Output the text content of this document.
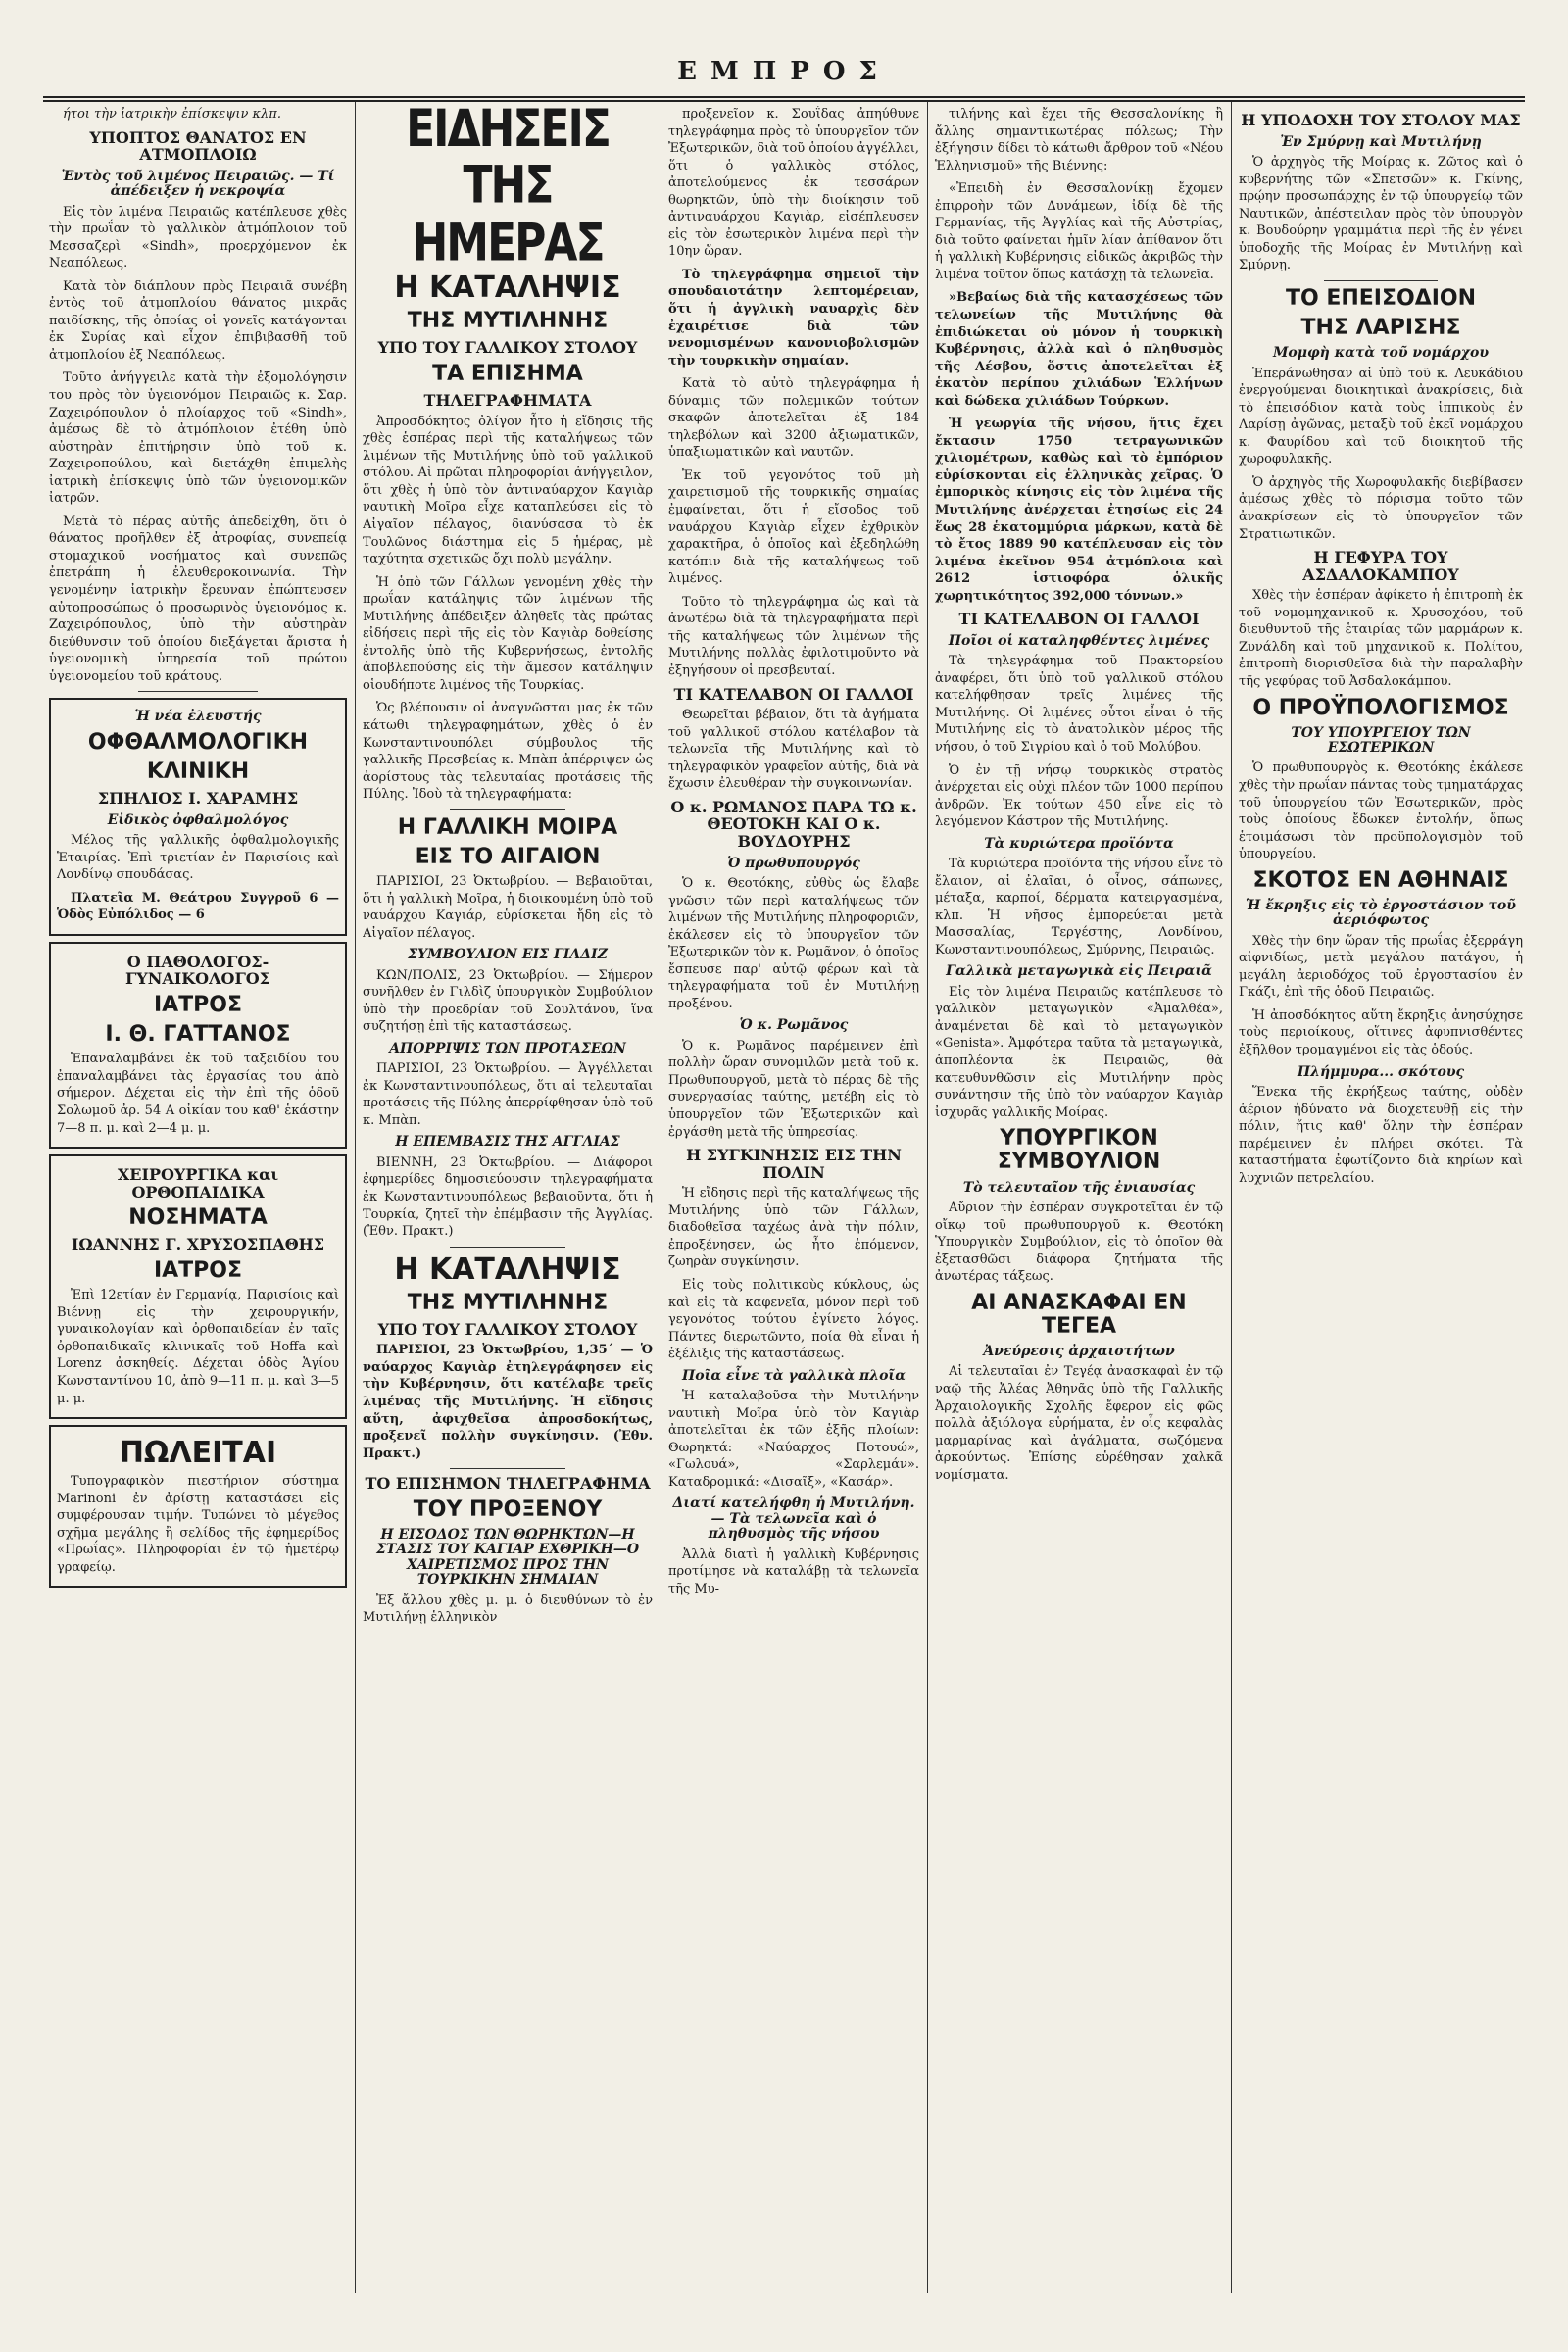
ΕΜΠΡΟΣ

ήτοι τὴν ἰατρικὴν ἐπίσκεψιν κλπ.

ΥΠΟΠΤΟΣ ΘΑΝΑΤΟΣ ΕΝ ΑΤΜΟΠΛΟΙΩ
Ἐντὸς τοῦ λιμένος Πειραιῶς. — Τί ἀπέδειξεν ἡ νεκροψία

Εἰς τὸν λιμένα Πειραιῶς κατέπλευσε χθὲς τὴν πρωΐαν τὸ γαλλικὸν ἀτμόπλοιον τοῦ Μεσσαζερὶ «Sindh», προερχόμενον ἐκ Νεαπόλεως.

Κατὰ τὸν διάπλουν πρὸς Πειραιᾶ συνέβη ἐντὸς τοῦ ἀτμοπλοίου θάνατος μικρᾶς παιδίσκης, τῆς ὁποίας οἱ γονεῖς κατάγονται ἐκ Συρίας καὶ εἶχον ἐπιβιβασθῆ τοῦ ἀτμοπλοίου ἐξ Νεαπόλεως.

Τοῦτο ἀνήγγειλε κατὰ τὴν ἐξομολόγησιν του πρὸς τὸν ὑγειονόμον Πειραιῶς κ. Σαρ. Ζαχειρόπουλον ὁ πλοίαρχος τοῦ «Sindh», ἀμέσως δὲ τὸ ἀτμόπλοιον ἐτέθη ὑπὸ αὐστηρὰν ἐπιτήρησιν ὑπὸ τοῦ κ. Ζαχειροπούλου, καὶ διετάχθη ἐπιμελὴς ἰατρικὴ ἐπίσκεψις ὑπὸ τῶν ὑγειονομικῶν ἰατρῶν.

Μετὰ τὸ πέρας αὐτῆς ἀπεδείχθη, ὅτι ὁ θάνατος προῆλθεν ἐξ ἀτροφίας, συνεπείᾳ στομαχικοῦ νοσήματος καὶ συνεπῶς ἐπετράπη ἡ ἐλευθεροκοινωνία. Τὴν γενομένην ἰατρικὴν ἔρευναν ἐπώπτευσεν αὐτοπροσώπως ὁ προσωρινὸς ὑγειονόμος κ. Ζαχειρόπουλος, ὑπὸ τὴν αὐστηρὰν διεύθυνσιν τοῦ ὁποίου διεξάγεται ἄριστα ἡ ὑγειονομικὴ ὑπηρεσία τοῦ πρώτου ὑγειονομείου τοῦ κράτους.

Ἡ νέα ἐλευστής
ΟΦΘΑΛΜΟΛΟΓΙΚΗ
ΚΛΙΝΙΚΗ
ΣΠΗΛΙΟΣ Ι. ΧΑΡΑΜΗΣ
Εἰδικὸς ὀφθαλμολόγος

Μέλος τῆς γαλλικῆς ὀφθαλμολογικῆς Ἑταιρίας. Ἐπὶ τριετίαν ἐν Παρισίοις καὶ Λονδίνῳ σπουδάσας.

Πλατεῖα Μ. Θεάτρου Συγγροῦ 6 — Ὁδὸς Εὐπόλιδος — 6

Ο ΠΑΘΟΛΟΓΟΣ-ΓΥΝΑΙΚΟΛΟΓΟΣ
ΙΑΤΡΟΣ
Ι. Θ. ΓΑΤΤΑΝΟΣ

Ἐπαναλαμβάνει ἐκ τοῦ ταξειδίου του ἐπαναλαμβάνει τὰς ἐργασίας του ἀπὸ σήμερον. Δέχεται εἰς τὴν ἐπὶ τῆς ὁδοῦ Σολωμοῦ ἀρ. 54 Α οἰκίαν του καθ' ἑκάστην 7—8 π. μ. καὶ 2—4 μ. μ.

ΧΕΙΡΟΥΡΓΙΚΑ και ΟΡΘΟΠΑΙΔΙΚΑ
ΝΟΣΗΜΑΤΑ
ΙΩΑΝΝΗΣ Γ. ΧΡΥΣΟΣΠΑΘΗΣ
ΙΑΤΡΟΣ

Ἐπὶ 12ετίαν ἐν Γερμανίᾳ, Παρισίοις καὶ Βιέννῃ εἰς τὴν χειρουργικήν, γυναικολογίαν καὶ ὀρθοπαιδείαν ἐν ταῖς ὀρθοπαιδικαῖς κλινικαῖς τοῦ Hoffa καὶ Lorenz ἀσκηθείς. Δέχεται ὁδὸς Ἁγίου Κωνσταντίνου 10, ἀπὸ 9—11 π. μ. καὶ 3—5 μ. μ.

ΠΩΛΕΙΤΑΙ

Τυπογραφικὸν πιεστήριον σύστημα Marinoni ἐν ἀρίστῃ καταστάσει εἰς συμφέρουσαν τιμήν. Τυπώνει τὸ μέγεθος σχῆμα μεγάλης ἢ σελίδος τῆς ἐφημερίδος «Πρωΐας». Πληροφορίαι ἐν τῷ ἡμετέρῳ γραφείῳ.

ΕΙΔΗΣΕΙΣ ΤΗΣ ΗΜΕΡΑΣ
Η ΚΑΤΑΛΗΨΙΣ
ΤΗΣ ΜΥΤΙΛΗΝΗΣ
ΥΠΟ ΤΟΥ ΓΑΛΛΙΚΟΥ ΣΤΟΛΟΥ
ΤΑ ΕΠΙΣΗΜΑ
ΤΗΛΕΓΡΑΦΗΜΑΤΑ

Ἀπροσδόκητος ὀλίγον ἦτο ἡ εἴδησις τῆς χθὲς ἑσπέρας περὶ τῆς καταλήψεως τῶν λιμένων τῆς Μυτιλήνης ὑπὸ τοῦ γαλλικοῦ στόλου. Αἱ πρῶται πληροφορίαι ἀνήγγειλον, ὅτι χθὲς ἡ ὑπὸ τὸν ἀντιναύαρχον Καγιὰρ ναυτικὴ Μοῖρα εἶχε καταπλεύσει εἰς τὸ Αἰγαῖον πέλαγος, διανύσασα τὸ ἐκ Τουλῶνος διάστημα εἰς 5 ἡμέρας, μὲ ταχύτητα σχετικῶς ὄχι πολὺ μεγάλην.

Ἡ ὁπὸ τῶν Γάλλων γενομένη χθὲς τὴν πρωΐαν κατάληψις τῶν λιμένων τῆς Μυτιλήνης ἀπέδειξεν ἀληθεῖς τὰς πρώτας εἰδήσεις περὶ τῆς εἰς τὸν Καγιὰρ δοθείσης ἐντολῆς ὑπὸ τῆς Κυβερνήσεως, ἐντολῆς ἀποβλεπούσης εἰς τὴν ἄμεσον κατάληψιν οἱουδήποτε λιμένος τῆς Τουρκίας.

Ὡς βλέπουσιν οἱ ἀναγνῶσται μας ἐκ τῶν κάτωθι τηλεγραφημάτων, χθὲς ὁ ἐν Κωνσταντινουπόλει σύμβουλος τῆς γαλλικῆς Πρεσβείας κ. Μπὰπ ἀπέρριψεν ὡς ἀορίστους τὰς τελευταίας προτάσεις τῆς Πύλης. Ἰδοὺ τὰ τηλεγραφήματα:

Η ΓΑΛΛΙΚΗ ΜΟΙΡΑ
ΕΙΣ ΤΟ ΑΙΓΑΙΟΝ

ΠΑΡΙΣΙΟΙ, 23 Ὀκτωβρίου. — Βεβαιοῦται, ὅτι ἡ γαλλικὴ Μοῖρα, ἡ διοικουμένη ὑπὸ τοῦ ναυάρχου Καγιάρ, εὑρίσκεται ἤδη εἰς τὸ Αἰγαῖον πέλαγος.

ΣΥΜΒΟΥΛΙΟΝ ΕΙΣ ΓΙΛΔΙΖ

ΚΩΝ/ΠΟΛΙΣ, 23 Ὀκτωβρίου. — Σήμερον συνῆλθεν ἐν Γιλδὶζ ὑπουργικὸν Συμβούλιον ὑπὸ τὴν προεδρίαν τοῦ Σουλτάνου, ἵνα συζητήσῃ ἐπὶ τῆς καταστάσεως.

ΑΠΟΡΡΙΨΙΣ ΤΩΝ ΠΡΟΤΑΣΕΩΝ

ΠΑΡΙΣΙΟΙ, 23 Ὀκτωβρίου. — Ἀγγέλλεται ἐκ Κωνσταντινουπόλεως, ὅτι αἱ τελευταῖαι προτάσεις τῆς Πύλης ἀπερρίφθησαν ὑπὸ τοῦ κ. Μπὰπ.

Η ΕΠΕΜΒΑΣΙΣ ΤΗΣ ΑΓΓΛΙΑΣ

ΒΙΕΝΝΗ, 23 Ὀκτωβρίου. — Διάφοροι ἐφημερίδες δημοσιεύουσιν τηλεγραφήματα ἐκ Κωνσταντινουπόλεως βεβαιοῦντα, ὅτι ἡ Τουρκία, ζητεῖ τὴν ἐπέμβασιν τῆς Ἀγγλίας. (Ἐθν. Πρακτ.)

Η ΚΑΤΑΛΗΨΙΣ
ΤΗΣ ΜΥΤΙΛΗΝΗΣ
ΥΠΟ ΤΟΥ ΓΑΛΛΙΚΟΥ ΣΤΟΛΟΥ

ΠΑΡΙΣΙΟΙ, 23 Ὀκτωβρίου, 1,35΄ — Ὁ ναύαρχος Καγιὰρ ἐτηλεγράφησεν εἰς τὴν Κυβέρνησιν, ὅτι κατέλαβε τρεῖς λιμένας τῆς Μυτιλήνης. Ἡ εἴδησις αὕτη, ἀφιχθεῖσα ἀπροσδοκήτως, προξενεῖ πολλὴν συγκίνησιν. (Ἐθν. Πρακτ.)

ΤΟ ΕΠΙΣΗΜΟΝ ΤΗΛΕΓΡΑΦΗΜΑ
ΤΟΥ ΠΡΟΞΕΝΟΥ
Η ΕΙΣΟΔΟΣ ΤΩΝ ΘΩΡΗΚΤΩΝ—Η ΣΤΑΣΙΣ ΤΟΥ ΚΑΓΙΑΡ ΕΧΘΡΙΚΗ—Ο ΧΑΙΡΕΤΙΣΜΟΣ ΠΡΟΣ ΤΗΝ ΤΟΥΡΚΙΚΗΝ ΣΗΜΑΙΑΝ

Ἐξ ἄλλου χθὲς μ. μ. ὁ διευθύνων τὸ ἐν Μυτιλήνῃ ἑλληνικὸν

προξενεῖον κ. Σουΐδας ἀπηύθυνε τηλεγράφημα πρὸς τὸ ὑπουργεῖον τῶν Ἐξωτερικῶν, διὰ τοῦ ὁποίου ἀγγέλλει, ὅτι ὁ γαλλικὸς στόλος, ἀποτελούμενος ἐκ τεσσάρων θωρηκτῶν, ὑπὸ τὴν διοίκησιν τοῦ ἀντιναυάρχου Καγιὰρ, εἰσέπλευσεν εἰς τὸν ἐσωτερικὸν λιμένα περὶ τὴν 10ην ὥραν.

Τὸ τηλεγράφημα σημειοῖ τὴν σπουδαιοτάτην λεπτομέρειαν, ὅτι ἡ ἀγγλικὴ ναυαρχὶς δὲν ἐχαιρέτισε διὰ τῶν νενομισμένων κανονιοβολισμῶν τὴν τουρκικὴν σημαίαν.

Κατὰ τὸ αὐτὸ τηλεγράφημα ἡ δύναμις τῶν πολεμικῶν τούτων σκαφῶν ἀποτελεῖται ἐξ 184 τηλεβόλων καὶ 3200 ἀξιωματικῶν, ὑπαξιωματικῶν καὶ ναυτῶν.

Ἐκ τοῦ γεγονότος τοῦ μὴ χαιρετισμοῦ τῆς τουρκικῆς σημαίας ἐμφαίνεται, ὅτι ἡ εἴσοδος τοῦ ναυάρχου Καγιὰρ εἶχεν ἐχθρικὸν χαρακτῆρα, ὁ ὁποῖος καὶ ἐξεδηλώθη κατόπιν διὰ τῆς καταλήψεως τοῦ λιμένος.

Τοῦτο τὸ τηλεγράφημα ὡς καὶ τὰ ἀνωτέρω διὰ τὰ τηλεγραφήματα περὶ τῆς καταλήψεως τῶν λιμένων τῆς Μυτιλήνης πολλὰς ἐφιλοτιμοῦντο νὰ ἐξηγήσουν οἱ πρεσβευταί.

ΤΙ ΚΑΤΕΛΑΒΟΝ ΟΙ ΓΑΛΛΟΙ

Θεωρεῖται βέβαιον, ὅτι τὰ ἀγήματα τοῦ γαλλικοῦ στόλου κατέλαβον τὰ τελωνεῖα τῆς Μυτιλήνης καὶ τὸ τηλεγραφικὸν γραφεῖον αὐτῆς, διὰ νὰ ἔχωσιν ἐλευθέραν τὴν συγκοινωνίαν.

Ο κ. ΡΩΜΑΝΟΣ ΠΑΡΑ ΤΩ κ. ΘΕΟΤΟΚΗ ΚΑΙ Ο κ. ΒΟΥΔΟΥΡΗΣ
Ὁ πρωθυπουργός

Ὁ κ. Θεοτόκης, εὐθὺς ὡς ἔλαβε γνῶσιν τῶν περὶ καταλήψεως τῶν λιμένων τῆς Μυτιλήνης πληροφοριῶν, ἐκάλεσεν εἰς τὸ ὑπουργεῖον τῶν Ἐξωτερικῶν τὸν κ. Ρωμᾶνον, ὁ ὁποῖος ἔσπευσε παρ' αὐτῷ φέρων καὶ τὰ τηλεγραφήματα τοῦ ἐν Μυτιλήνῃ προξένου.

Ὁ κ. Ρωμᾶνος

Ὁ κ. Ρωμᾶνος παρέμεινεν ἐπὶ πολλὴν ὥραν συνομιλῶν μετὰ τοῦ κ. Πρωθυπουργοῦ, μετὰ τὸ πέρας δὲ τῆς συνεργασίας ταύτης, μετέβη εἰς τὸ ὑπουργεῖον τῶν Ἐξωτερικῶν καὶ ἐργάσθη μετὰ τῆς ὑπηρεσίας.

Η ΣΥΓΚΙΝΗΣΙΣ ΕΙΣ ΤΗΝ ΠΟΛΙΝ

Ἡ εἴδησις περὶ τῆς καταλήψεως τῆς Μυτιλήνης ὑπὸ τῶν Γάλλων, διαδοθεῖσα ταχέως ἀνὰ τὴν πόλιν, ἐπροξένησεν, ὡς ἦτο ἑπόμενον, ζωηρὰν συγκίνησιν.

Εἰς τοὺς πολιτικοὺς κύκλους, ὡς καὶ εἰς τὰ καφενεῖα, μόνον περὶ τοῦ γεγονότος τούτου ἐγίνετο λόγος. Πάντες διερωτῶντο, ποία θὰ εἶναι ἡ ἐξέλιξις τῆς καταστάσεως.

Ποῖα εἶνε τὰ γαλλικὰ πλοῖα

Ἡ καταλαβοῦσα τὴν Μυτιλήνην ναυτικὴ Μοῖρα ὑπὸ τὸν Καγιὰρ ἀποτελεῖται ἐκ τῶν ἑξῆς πλοίων: Θωρηκτά: «Ναύαρχος Ποτουώ», «Γωλουά», «Σαρλεμάν». Καταδρομικά: «Δισαῖξ», «Κασάρ».

Διατί κατελήφθη ἡ Μυτιλήνη. — Τὰ τελωνεῖα καὶ ὁ πληθυσμὸς τῆς νήσου

Ἀλλὰ διατὶ ἡ γαλλικὴ Κυβέρνησις προτίμησε νὰ καταλάβῃ τὰ τελωνεῖα τῆς Μυ-

τιλήνης καὶ ἔχει τῆς Θεσσαλονίκης ἢ ἄλλης σημαντικωτέρας πόλεως; Τὴν ἐξήγησιν δίδει τὸ κάτωθι ἄρθρον τοῦ «Νέου Ἑλληνισμοῦ» τῆς Βιέννης:

«Ἐπειδὴ ἐν Θεσσαλονίκῃ ἔχομεν ἐπιρροὴν τῶν Δυνάμεων, ἰδίᾳ δὲ τῆς Γερμανίας, τῆς Ἀγγλίας καὶ τῆς Αὐστρίας, διὰ τοῦτο φαίνεται ἡμῖν λίαν ἀπίθανον ὅτι ἡ γαλλικὴ Κυβέρνησις εἰδικῶς ἀκριβῶς τὴν λιμένα τοῦτον ὅπως κατάσχῃ τὰ τελωνεῖα.

»Βεβαίως διὰ τῆς κατασχέσεως τῶν τελωνείων τῆς Μυτιλήνης θὰ ἐπιδιώκεται οὐ μόνον ἡ τουρκικὴ Κυβέρνησις, ἀλλὰ καὶ ὁ πληθυσμὸς τῆς Λέσβου, ὅστις ἀποτελεῖται ἐξ ἑκατὸν περίπου χιλιάδων Ἑλλήνων καὶ δώδεκα χιλιάδων Τούρκων.

Ἡ γεωργία τῆς νήσου, ἥτις ἔχει ἔκτασιν 1750 τετραγωνικῶν χιλιομέτρων, καθὼς καὶ τὸ ἐμπόριον εὑρίσκονται εἰς ἑλληνικὰς χεῖρας. Ὁ ἐμπορικὸς κίνησις εἰς τὸν λιμένα τῆς Μυτιλήνης ἀνέρχεται ἐτησίως εἰς 24 ἕως 28 ἑκατομμύρια μάρκων, κατὰ δὲ τὸ ἔτος 1889 90 κατέπλευσαν εἰς τὸν λιμένα ἐκεῖνον 954 ἀτμόπλοια καὶ 2612 ἱστιοφόρα ὁλικῆς χωρητικότητος 392,000 τόννων.»

ΤΙ ΚΑΤΕΛΑΒΟΝ ΟΙ ΓΑΛΛΟΙ
Ποῖοι οἱ καταληφθέντες λιμένες

Τὰ τηλεγράφημα τοῦ Πρακτορείου ἀναφέρει, ὅτι ὑπὸ τοῦ γαλλικοῦ στόλου κατελήφθησαν τρεῖς λιμένες τῆς Μυτιλήνης. Οἱ λιμένες οὗτοι εἶναι ὁ τῆς Μυτιλήνης εἰς τὸ ἀνατολικὸν μέρος τῆς νήσου, ὁ τοῦ Σιγρίου καὶ ὁ τοῦ Μολύβου.

Ὁ ἐν τῇ νήσῳ τουρκικὸς στρατὸς ἀνέρχεται εἰς οὐχὶ πλέον τῶν 1000 περίπου ἀνδρῶν. Ἐκ τούτων 450 εἶνε εἰς τὸ λεγόμενον Κάστρον τῆς Μυτιλήνης.

Τὰ κυριώτερα προϊόντα

Τὰ κυριώτερα προϊόντα τῆς νήσου εἶνε τὸ ἔλαιον, αἱ ἐλαῖαι, ὁ οἶνος, σάπωνες, μέταξα, καρποί, δέρματα κατειργασμένα, κλπ. Ἡ νῆσος ἐμπορεύεται μετὰ Μασσαλίας, Τεργέστης, Λονδίνου, Κωνσταντινουπόλεως, Σμύρνης, Πειραιῶς.

Γαλλικὰ μεταγωγικὰ εἰς Πειραιᾶ

Εἰς τὸν λιμένα Πειραιῶς κατέπλευσε τὸ γαλλικὸν μεταγωγικὸν «Ἀμαλθέα», ἀναμένεται δὲ καὶ τὸ μεταγωγικὸν «Genista». Ἀμφότερα ταῦτα τὰ μεταγωγικὰ, ἀποπλέοντα ἐκ Πειραιῶς, θὰ κατευθυνθῶσιν εἰς Μυτιλήνην πρὸς συνάντησιν τῆς ὑπὸ τὸν ναύαρχον Καγιὰρ ἰσχυρᾶς γαλλικῆς Μοίρας.

ΥΠΟΥΡΓΙΚΟΝ ΣΥΜΒΟΥΛΙΟΝ
Τὸ τελευταῖον τῆς ἐνιαυσίας

Αὔριον τὴν ἑσπέραν συγκροτεῖται ἐν τῷ οἴκῳ τοῦ πρωθυπουργοῦ κ. Θεοτόκη Ὑπουργικὸν Συμβούλιον, εἰς τὸ ὁποῖον θὰ ἐξετασθῶσι διάφορα ζητήματα τῆς ἀνωτέρας τάξεως.

ΑΙ ΑΝΑΣΚΑΦΑΙ ΕΝ ΤΕΓΕΑ
Ἀνεύρεσις ἀρχαιοτήτων

Αἱ τελευταῖαι ἐν Τεγέᾳ ἀνασκαφαὶ ἐν τῷ ναῷ τῆς Ἀλέας Ἀθηνᾶς ὑπὸ τῆς Γαλλικῆς Ἀρχαιολογικῆς Σχολῆς ἔφερον εἰς φῶς πολλὰ ἀξιόλογα εὑρήματα, ἐν οἷς κεφαλὰς μαρμαρίνας καὶ ἀγάλματα, σωζόμενα ἀρκούντως. Ἐπίσης εὑρέθησαν χαλκᾶ νομίσματα.

Η ΥΠΟΔΟΧΗ ΤΟΥ ΣΤΟΛΟΥ ΜΑΣ
Ἐν Σμύρνῃ καὶ Μυτιλήνῃ

Ὁ ἀρχηγὸς τῆς Μοίρας κ. Ζῶτος καὶ ὁ κυβερνήτης τῶν «Σπετσῶν» κ. Γκίνης, πρῴην προσωπάρχης ἐν τῷ ὑπουργείῳ τῶν Ναυτικῶν, ἀπέστειλαν πρὸς τὸν ὑπουργὸν κ. Βουδούρην γραμμάτια περὶ τῆς ἐν γένει ὑποδοχῆς τῆς Μοίρας ἐν Μυτιλήνῃ καὶ Σμύρνῃ.

ΤΟ ΕΠΕΙΣΟΔΙΟΝ
ΤΗΣ ΛΑΡΙΣΗΣ
Μομφὴ κατὰ τοῦ νομάρχου

Ἐπεράνωθησαν αἱ ὑπὸ τοῦ κ. Λευκάδιου ἐνεργούμεναι διοικητικαὶ ἀνακρίσεις, διὰ τὸ ἐπεισόδιον κατὰ τοὺς ἱππικοὺς ἐν Λαρίσῃ ἀγῶνας, μεταξὺ τοῦ ἐκεῖ νομάρχου κ. Φαυρίδου καὶ τοῦ διοικητοῦ τῆς χωροφυλακῆς.

Ὁ ἀρχηγὸς τῆς Χωροφυλακῆς διεβίβασεν ἀμέσως χθὲς τὸ πόρισμα τοῦτο τῶν ἀνακρίσεων εἰς τὸ ὑπουργεῖον τῶν Στρατιωτικῶν.

Η ΓΕΦΥΡΑ ΤΟΥ ΑΣΔΑΛΟΚΑΜΠΟΥ

Χθὲς τὴν ἑσπέραν ἀφίκετο ἡ ἐπιτροπὴ ἐκ τοῦ νομομηχανικοῦ κ. Χρυσοχόου, τοῦ διευθυντοῦ τῆς ἑταιρίας τῶν μαρμάρων κ. Ζυνάλδη καὶ τοῦ μηχανικοῦ κ. Πολίτου, ἐπιτροπὴ διορισθεῖσα διὰ τὴν παραλαβὴν τῆς γεφύρας τοῦ Ἀσδαλοκάμπου.

Ο ΠΡΟΫΠΟΛΟΓΙΣΜΟΣ
ΤΟΥ ΥΠΟΥΡΓΕΙΟΥ ΤΩΝ ΕΣΩΤΕΡΙΚΩΝ

Ὁ πρωθυπουργὸς κ. Θεοτόκης ἐκάλεσε χθὲς τὴν πρωΐαν πάντας τοὺς τμηματάρχας τοῦ ὑπουργείου τῶν Ἐσωτερικῶν, πρὸς τοὺς ὁποίους ἔδωκεν ἐντολήν, ὅπως ἑτοιμάσωσι τὸν προϋπολογισμὸν τοῦ ὑπουργείου.

ΣΚΟΤΟΣ ΕΝ ΑΘΗΝΑΙΣ
Ἡ ἔκρηξις εἰς τὸ ἐργοστάσιον τοῦ ἀεριόφωτος

Χθὲς τὴν 6ην ὥραν τῆς πρωΐας ἐξερράγη αἰφνιδίως, μετὰ μεγάλου πατάγου, ἡ μεγάλη ἀεριοδόχος τοῦ ἐργοστασίου ἐν Γκάζι, ἐπὶ τῆς ὁδοῦ Πειραιῶς.

Ἡ ἀποσδόκητος αὕτη ἔκρηξις ἀνησύχησε τοὺς περιοίκους, οἵτινες ἀφυπνισθέντες ἐξῆλθον τρομαγμένοι εἰς τὰς ὁδούς.

Πλήμμυρα... σκότους

Ἕνεκα τῆς ἐκρήξεως ταύτης, οὐδὲν ἀέριον ἠδύνατο νὰ διοχετευθῇ εἰς τὴν πόλιν, ἥτις καθ' ὅλην τὴν ἑσπέραν παρέμεινεν ἐν πλήρει σκότει. Τὰ καταστήματα ἐφωτίζοντο διὰ κηρίων καὶ λυχνιῶν πετρελαίου.
